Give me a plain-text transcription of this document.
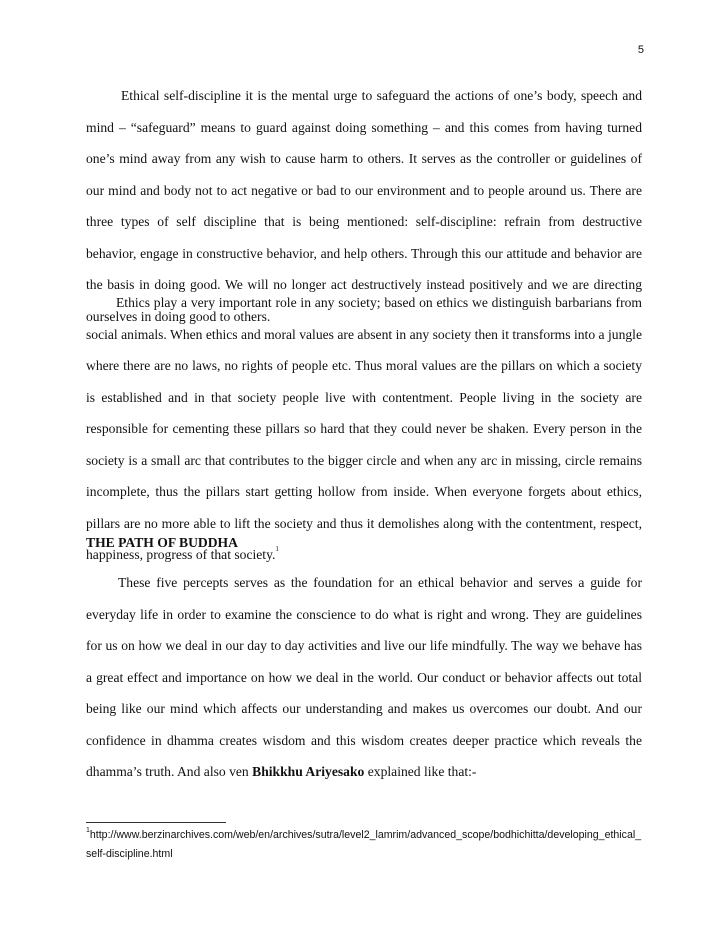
5

Ethical self-discipline it is the mental urge to safeguard the actions of one’s body, speech and mind – “safeguard” means to guard against doing something – and this comes from having turned one’s mind away from any wish to cause harm to others. It serves as the controller or guidelines of our mind and body not to act negative or bad to our environment and to people around us. There are three types of self discipline that is being mentioned: self-discipline: refrain from destructive behavior, engage in constructive behavior, and help others. Through this our attitude and behavior are the basis in doing good. We will no longer act destructively instead positively and we are directing ourselves in doing good to others.

Ethics play a very important role in any society; based on ethics we distinguish barbarians from social animals. When ethics and moral values are absent in any society then it transforms into a jungle where there are no laws, no rights of people etc. Thus moral values are the pillars on which a society is established and in that society people live with contentment. People living in the society are responsible for cementing these pillars so hard that they could never be shaken. Every person in the society is a small arc that contributes to the bigger circle and when any arc in missing, circle remains incomplete, thus the pillars start getting hollow from inside. When everyone forgets about ethics, pillars are no more able to lift the society and thus it demolishes along with the contentment, respect, happiness, progress of that society.$^1$

THE PATH OF BUDDHA

These five percepts serves as the foundation for an ethical behavior and serves a guide for everyday life in order to examine the conscience to do what is right and wrong. They are guidelines for us on how we deal in our day to day activities and live our life mindfully. The way we behave has a great effect and importance on how we deal in the world. Our conduct or behavior affects out total being like our mind which affects our understanding and makes us overcomes our doubt. And our confidence in dhamma creates wisdom and this wisdom creates deeper practice which reveals the dhamma’s truth. And also ven Bhikkhu Ariyesako explained like that:-

$^1$http://www.berzinarchives.com/web/en/archives/sutra/level2_lamrim/advanced_scope/bodhichitta/developing_ethical_self-discipline.html
